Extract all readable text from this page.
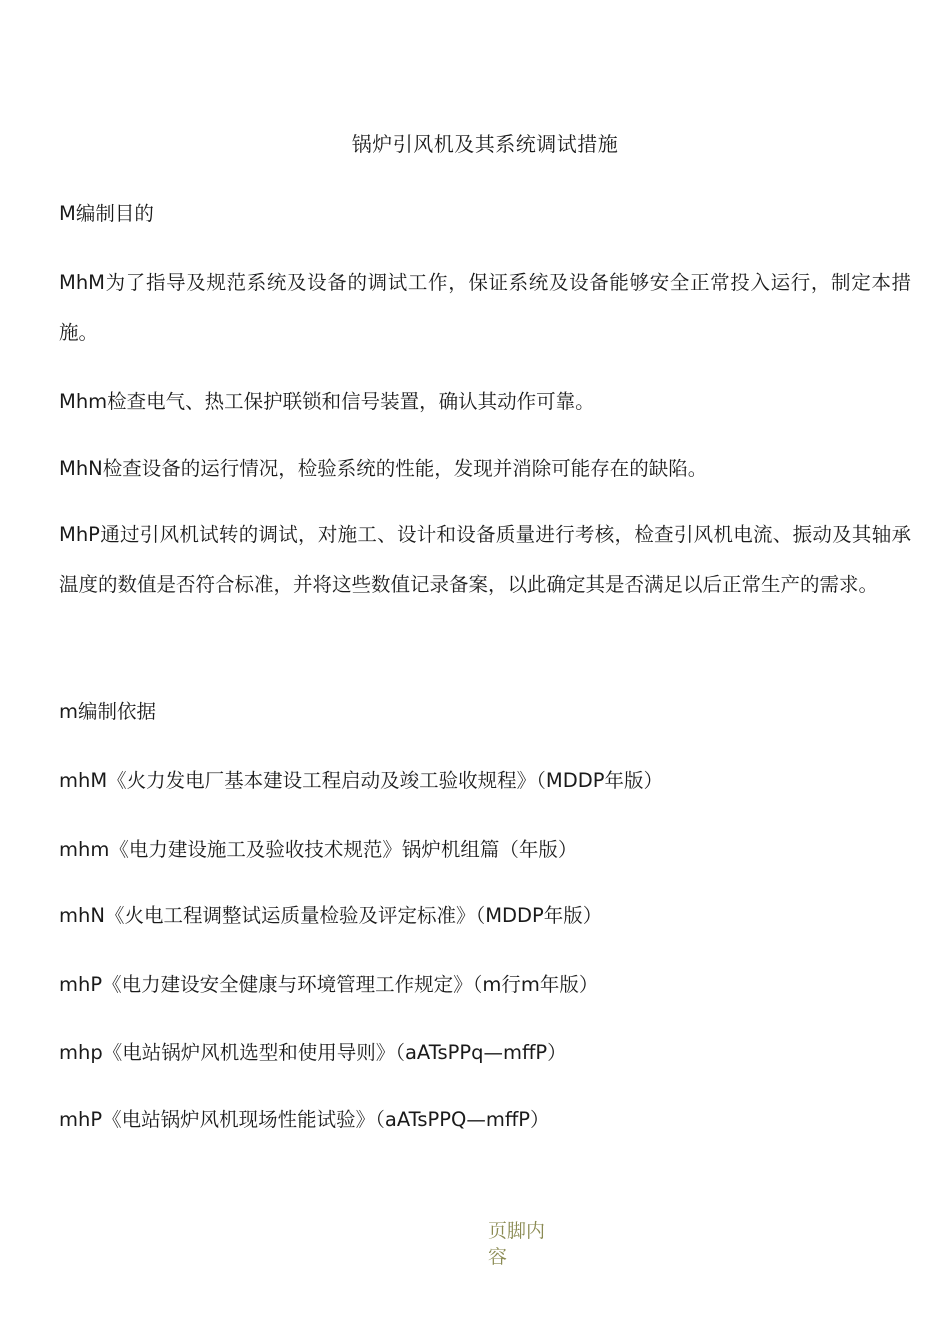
锅炉引风机及其系统调试措施
M编制目的
MhM为了指导及规范系统及设备的调试工作，保证系统及设备能够安全正常投入运行，制定本措施。
Mhm检查电气、热工保护联锁和信号装置，确认其动作可靠。
MhN检查设备的运行情况，检验系统的性能，发现并消除可能存在的缺陷。
MhP通过引风机试转的调试，对施工、设计和设备质量进行考核，检查引风机电流、振动及其轴承温度的数值是否符合标准，并将这些数值记录备案，以此确定其是否满足以后正常生产的需求。
m编制依据
mhM《火力发电厂基本建设工程启动及竣工验收规程》（MDDP年版）
mhm《电力建设施工及验收技术规范》锅炉机组篇（年版）
mhN《火电工程调整试运质量检验及评定标准》（MDDP年版）
mhP《电力建设安全健康与环境管理工作规定》（m行m年版）
mhp《电站锅炉风机选型和使用导则》（aATsPPq—mffP）
mhP《电站锅炉风机现场性能试验》（aATsPPQ—mffP）
页脚内容
